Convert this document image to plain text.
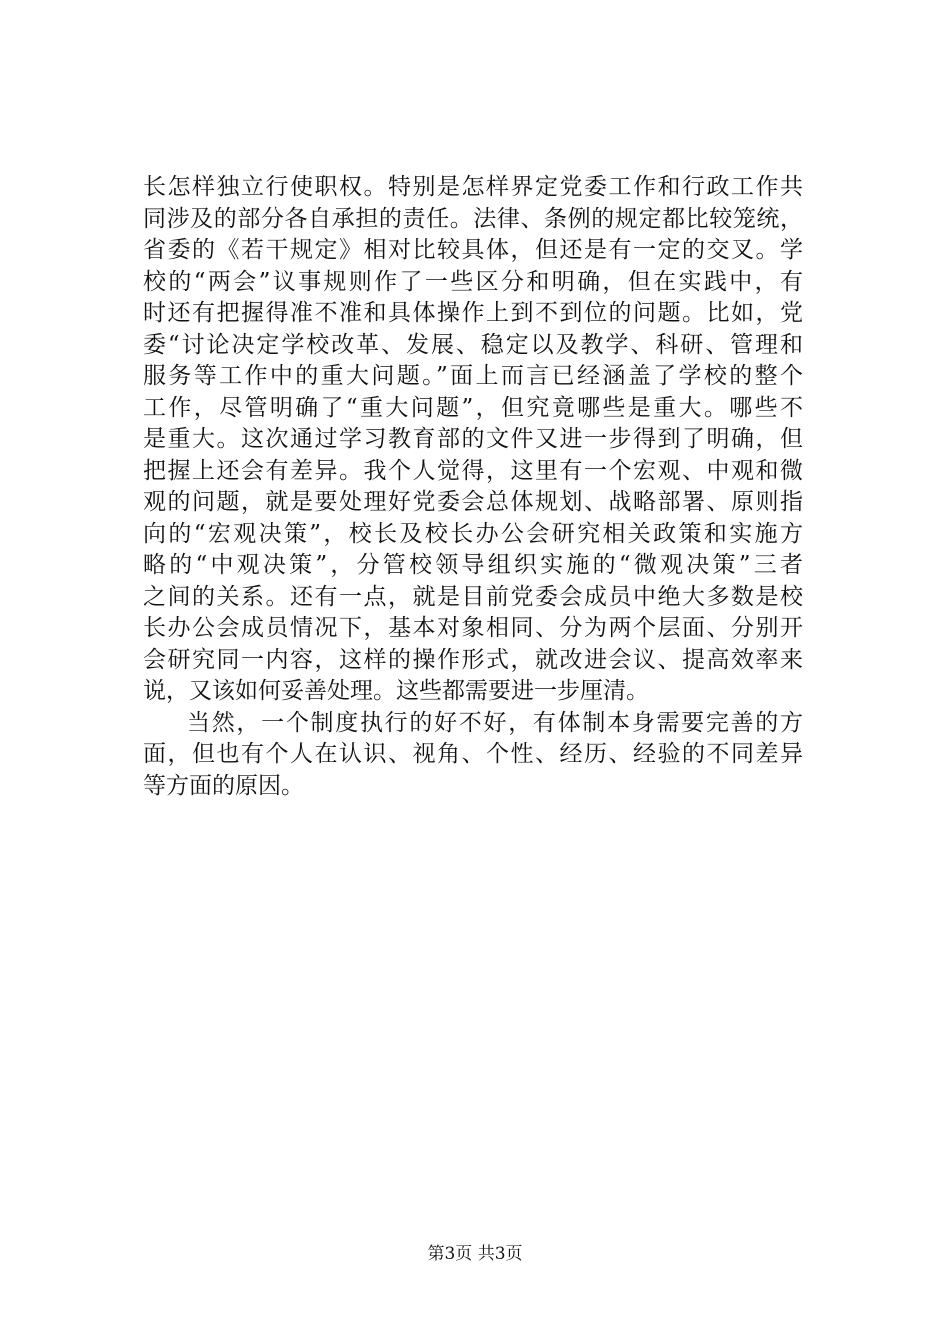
长怎样独立行使职权。特别是怎样界定党委工作和行政工作共
同涉及的部分各自承担的责任。法律、条例的规定都比较笼统，
省委的《若干规定》相对比较具体，但还是有一定的交叉。学
校的“两会”议事规则作了一些区分和明确，但在实践中，有
时还有把握得准不准和具体操作上到不到位的问题。比如，党
委“讨论决定学校改革、发展、稳定以及教学、科研、管理和
服务等工作中的重大问题。”面上而言已经涵盖了学校的整个
工作，尽管明确了“重大问题”，但究竟哪些是重大。哪些不
是重大。这次通过学习教育部的文件又进一步得到了明确，但
把握上还会有差异。我个人觉得，这里有一个宏观、中观和微
观的问题，就是要处理好党委会总体规划、战略部署、原则指
向的“宏观决策”，校长及校长办公会研究相关政策和实施方
略的“中观决策”，分管校领导组织实施的“微观决策”三者
之间的关系。还有一点，就是目前党委会成员中绝大多数是校
长办公会成员情况下，基本对象相同、分为两个层面、分别开
会研究同一内容，这样的操作形式，就改进会议、提高效率来
说，又该如何妥善处理。这些都需要进一步厘清。
当然，一个制度执行的好不好，有体制本身需要完善的方
面，但也有个人在认识、视角、个性、经历、经验的不同差异
等方面的原因。
第3页 共3页
